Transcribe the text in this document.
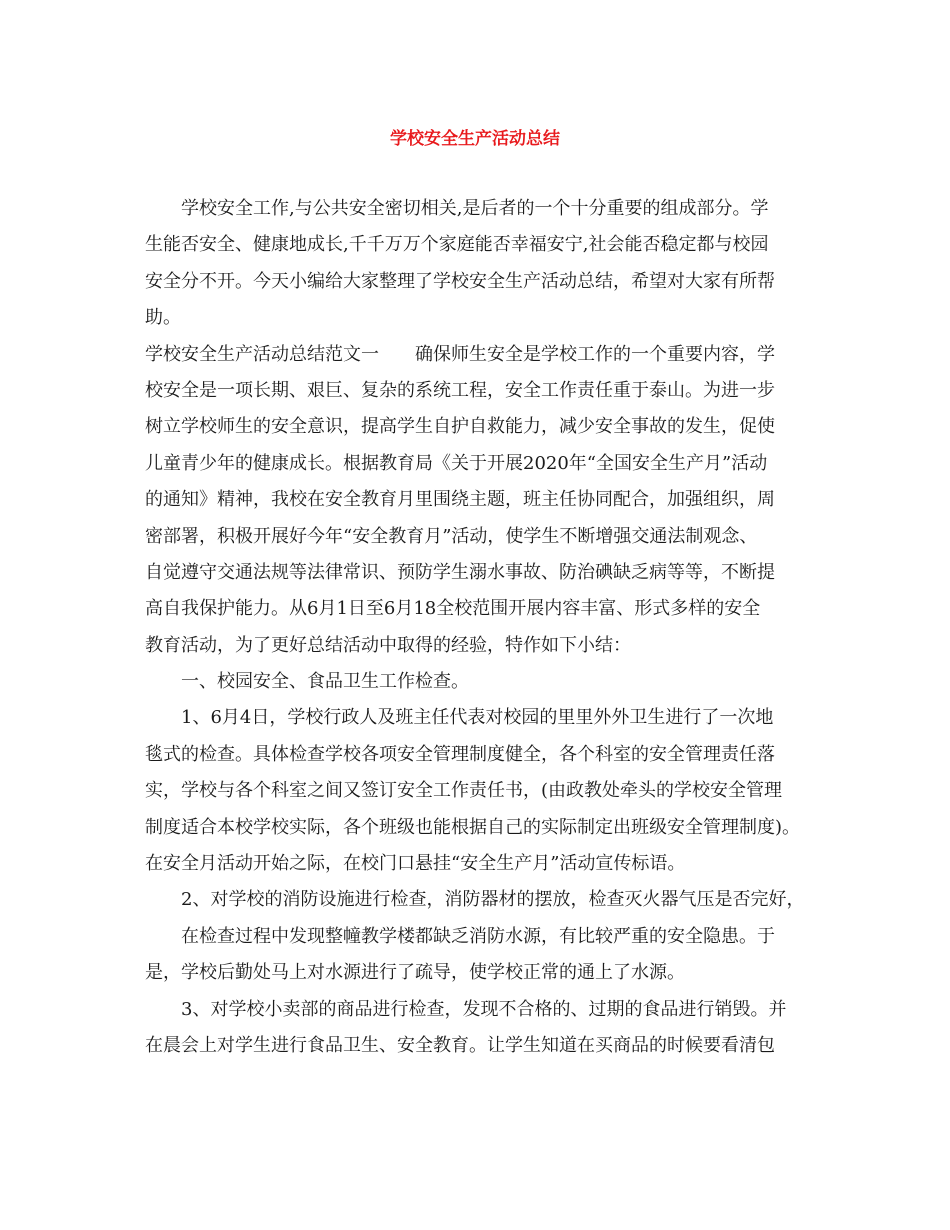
学校安全生产活动总结
学校安全工作,与公共安全密切相关,是后者的一个十分重要的组成部分。学
生能否安全、健康地成长,千千万万个家庭能否幸福安宁,社会能否稳定都与校园
安全分不开。今天小编给大家整理了学校安全生产活动总结，希望对大家有所帮
助。
学校安全生产活动总结范文一　　确保师生安全是学校工作的一个重要内容，学
校安全是一项长期、艰巨、复杂的系统工程，安全工作责任重于泰山。为进一步
树立学校师生的安全意识，提高学生自护自救能力，减少安全事故的发生，促使
儿童青少年的健康成长。根据教育局《关于开展2020年“全国安全生产月”活动
的通知》精神，我校在安全教育月里围绕主题，班主任协同配合，加强组织，周
密部署，积极开展好今年“安全教育月”活动，使学生不断增强交通法制观念、
自觉遵守交通法规等法律常识、预防学生溺水事故、防治碘缺乏病等等，不断提
高自我保护能力。从6月1日至6月18全校范围开展内容丰富、形式多样的安全
教育活动，为了更好总结活动中取得的经验，特作如下小结：
一、校园安全、食品卫生工作检查。
1、6月4日，学校行政人及班主任代表对校园的里里外外卫生进行了一次地
毯式的检查。具体检查学校各项安全管理制度健全，各个科室的安全管理责任落
实，学校与各个科室之间又签订安全工作责任书，(由政教处牵头的学校安全管理
制度适合本校学校实际，各个班级也能根据自己的实际制定出班级安全管理制度)。
在安全月活动开始之际，在校门口悬挂“安全生产月”活动宣传标语。
2、对学校的消防设施进行检查，消防器材的摆放，检查灭火器气压是否完好，
在检查过程中发现整幢教学楼都缺乏消防水源，有比较严重的安全隐患。于
是，学校后勤处马上对水源进行了疏导，使学校正常的通上了水源。
3、对学校小卖部的商品进行检查，发现不合格的、过期的食品进行销毁。并
在晨会上对学生进行食品卫生、安全教育。让学生知道在买商品的时候要看清包
